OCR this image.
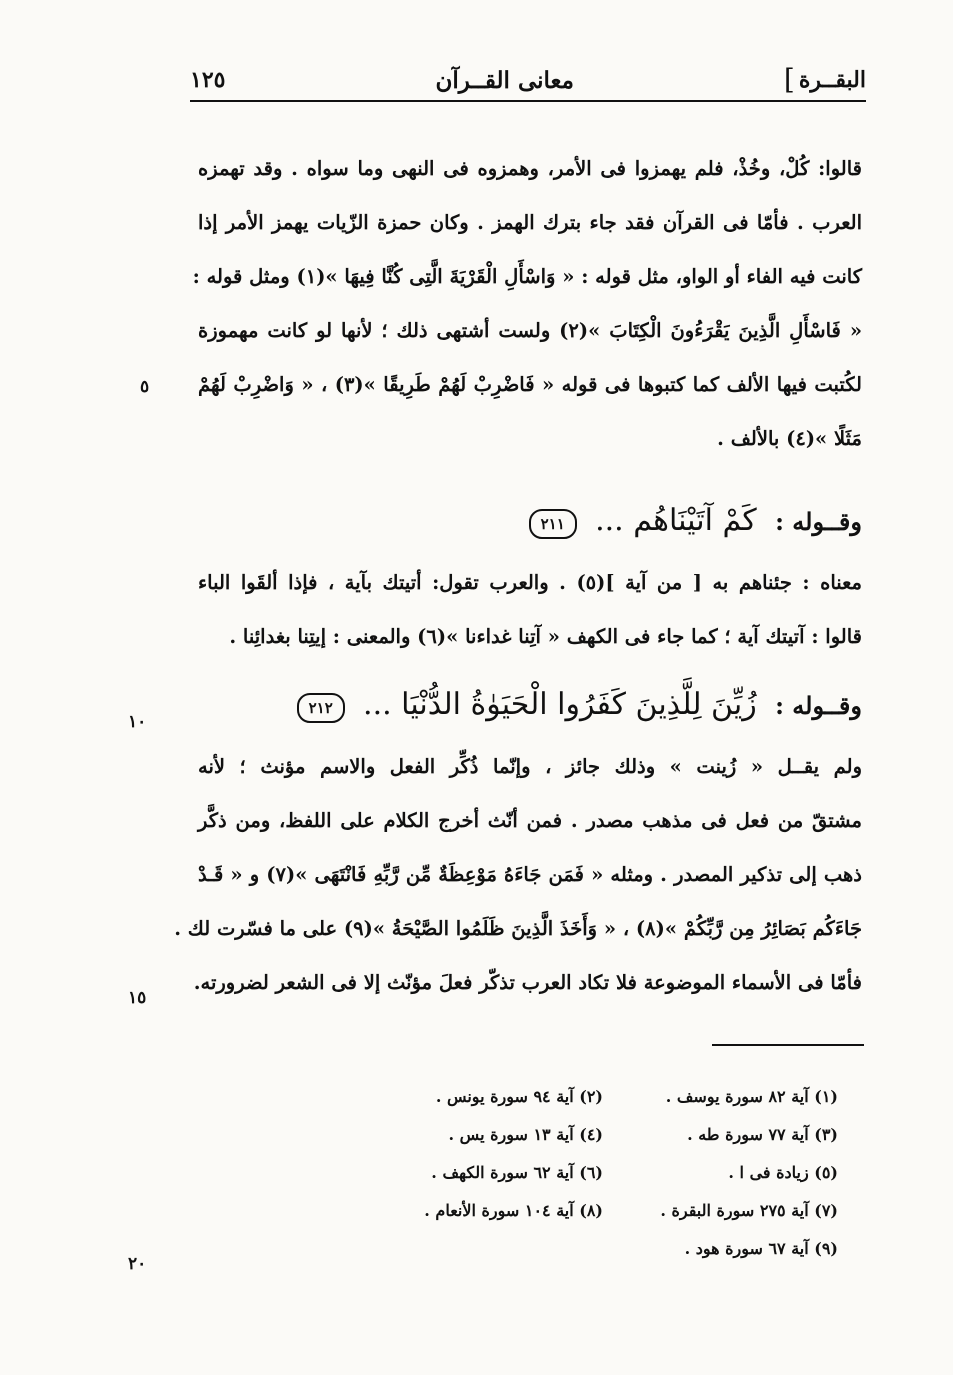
البقــرة
]
معانى القــرآن
١٢٥
قالوا: كُلْ، وخُذْ، فلم يهمزوا فى الأمر، وهمزوه فى النهى وما سواه . وقد تهمزه
العرب . فأمّا فى القرآن فقد جاء بترك الهمز . وكان حمزة الزّيات يهمز الأمر إذا
كانت فيه الفاء أو الواو، مثل قوله : « وَاسْأَلِ الْقَرْيَةَ الَّتِى كُنَّا فِيهَا »(١) ومثل قوله :
« فَاسْأَلِ الَّذِينَ يَقْرَءُونَ الْكِتَابَ »(٢) ولست أشتهى ذلك ؛ لأنها لو كانت مهموزة
لكُتبت فيها الألف كما كتبوها فى قوله « فَاضْرِبْ لَهُمْ طَرِيقًا »(٣) ، « وَاضْرِبْ لَهُمْ
مَثَلًا »(٤) بالألف .
وقــوله : كَمْ آتَيْنَاهُم ... ٢١١
معناه : جئناهم به [ من آية ](٥) . والعرب تقول: أتيتك بآية ، فإذا ألقَوا الباء
قالوا : آتيتك آية ؛ كما جاء فى الكهف « آتِنا غداءنا »(٦) والمعنى : إيتِنا بغدائِنا .
وقــوله : زُيِّنَ لِلَّذِينَ كَفَرُوا الْحَيَوٰةُ الدُّنْيَا ... ٢١٢
ولم يقــل « زُينت » وذلك جائز ، وإنّما ذُكِّر الفعل والاسم مؤنث ؛ لأنه
مشتقّ من فعل فى مذهب مصدر . فمن أنّث أخرج الكلام على اللفظ، ومن ذكَّر
ذهب إلى تذكير المصدر . ومثله « فَمَن جَاءَهُ مَوْعِظَةٌ مِّن رَّبِّهِ فَانْتَهَى »(٧) و « قَـدْ
جَاءَكُم بَصَائِرُ مِن رَّبِّكُمْ »(٨) ، « وَأَخَذَ الَّذِينَ ظَلَمُوا الصَّيْحَةُ »(٩) على ما فسّرت لك .
فأمّا فى الأسماء الموضوعة فلا تكاد العرب تذكّر فعلَ مؤنّث إلا فى الشعر لضرورته.
٥
١٠
١٥
٢٠
(١) آية ٨٢ سورة يوسف .
(٢) آية ٩٤ سورة يونس .
(٣) آية ٧٧ سورة طه .
(٤) آية ١٣ سورة يس .
(٥) زيادة فى ا .
(٦) آية ٦٢ سورة الكهف .
(٧) آية ٢٧٥ سورة البقرة .
(٨) آية ١٠٤ سورة الأنعام .
(٩) آية ٦٧ سورة هود .
